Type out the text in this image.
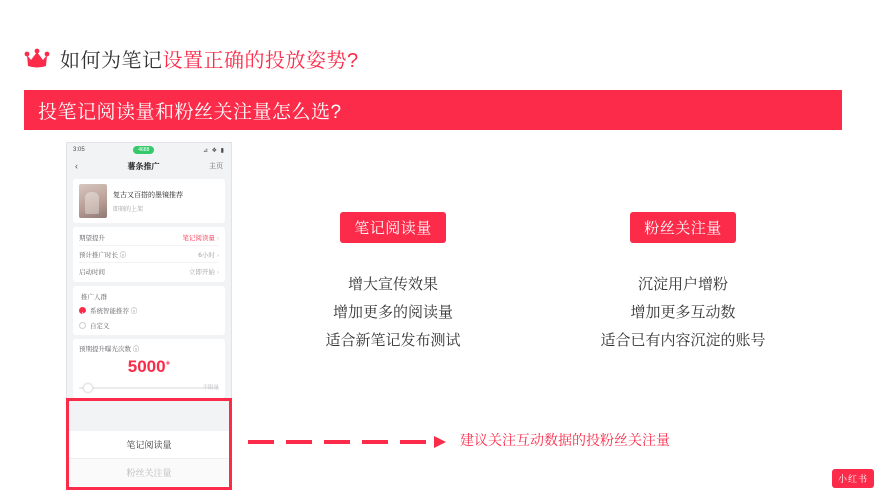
如何为笔记设置正确的投放姿势?
投笔记阅读量和粉丝关注量怎么选?
3:05	4688	⊿ ❖ ▮
‹	薯条推广	主页
复古又百搭的墨镜推荐
即刻的上架
期望提升	笔记阅读量 ›
预计推广时长 ⓘ	6小时 ›
启动时间	立即开始 ›
推广人群
系统智能推荐 ⓘ
自定义
预期提升曝光次数 ⓘ
5000+
不限量
笔记阅读量
粉丝关注量
笔记阅读量
增大宣传效果
增加更多的阅读量
适合新笔记发布测试
粉丝关注量
沉淀用户增粉
增加更多互动数
适合已有内容沉淀的账号
建议关注互动数据的投粉丝关注量
小红书
